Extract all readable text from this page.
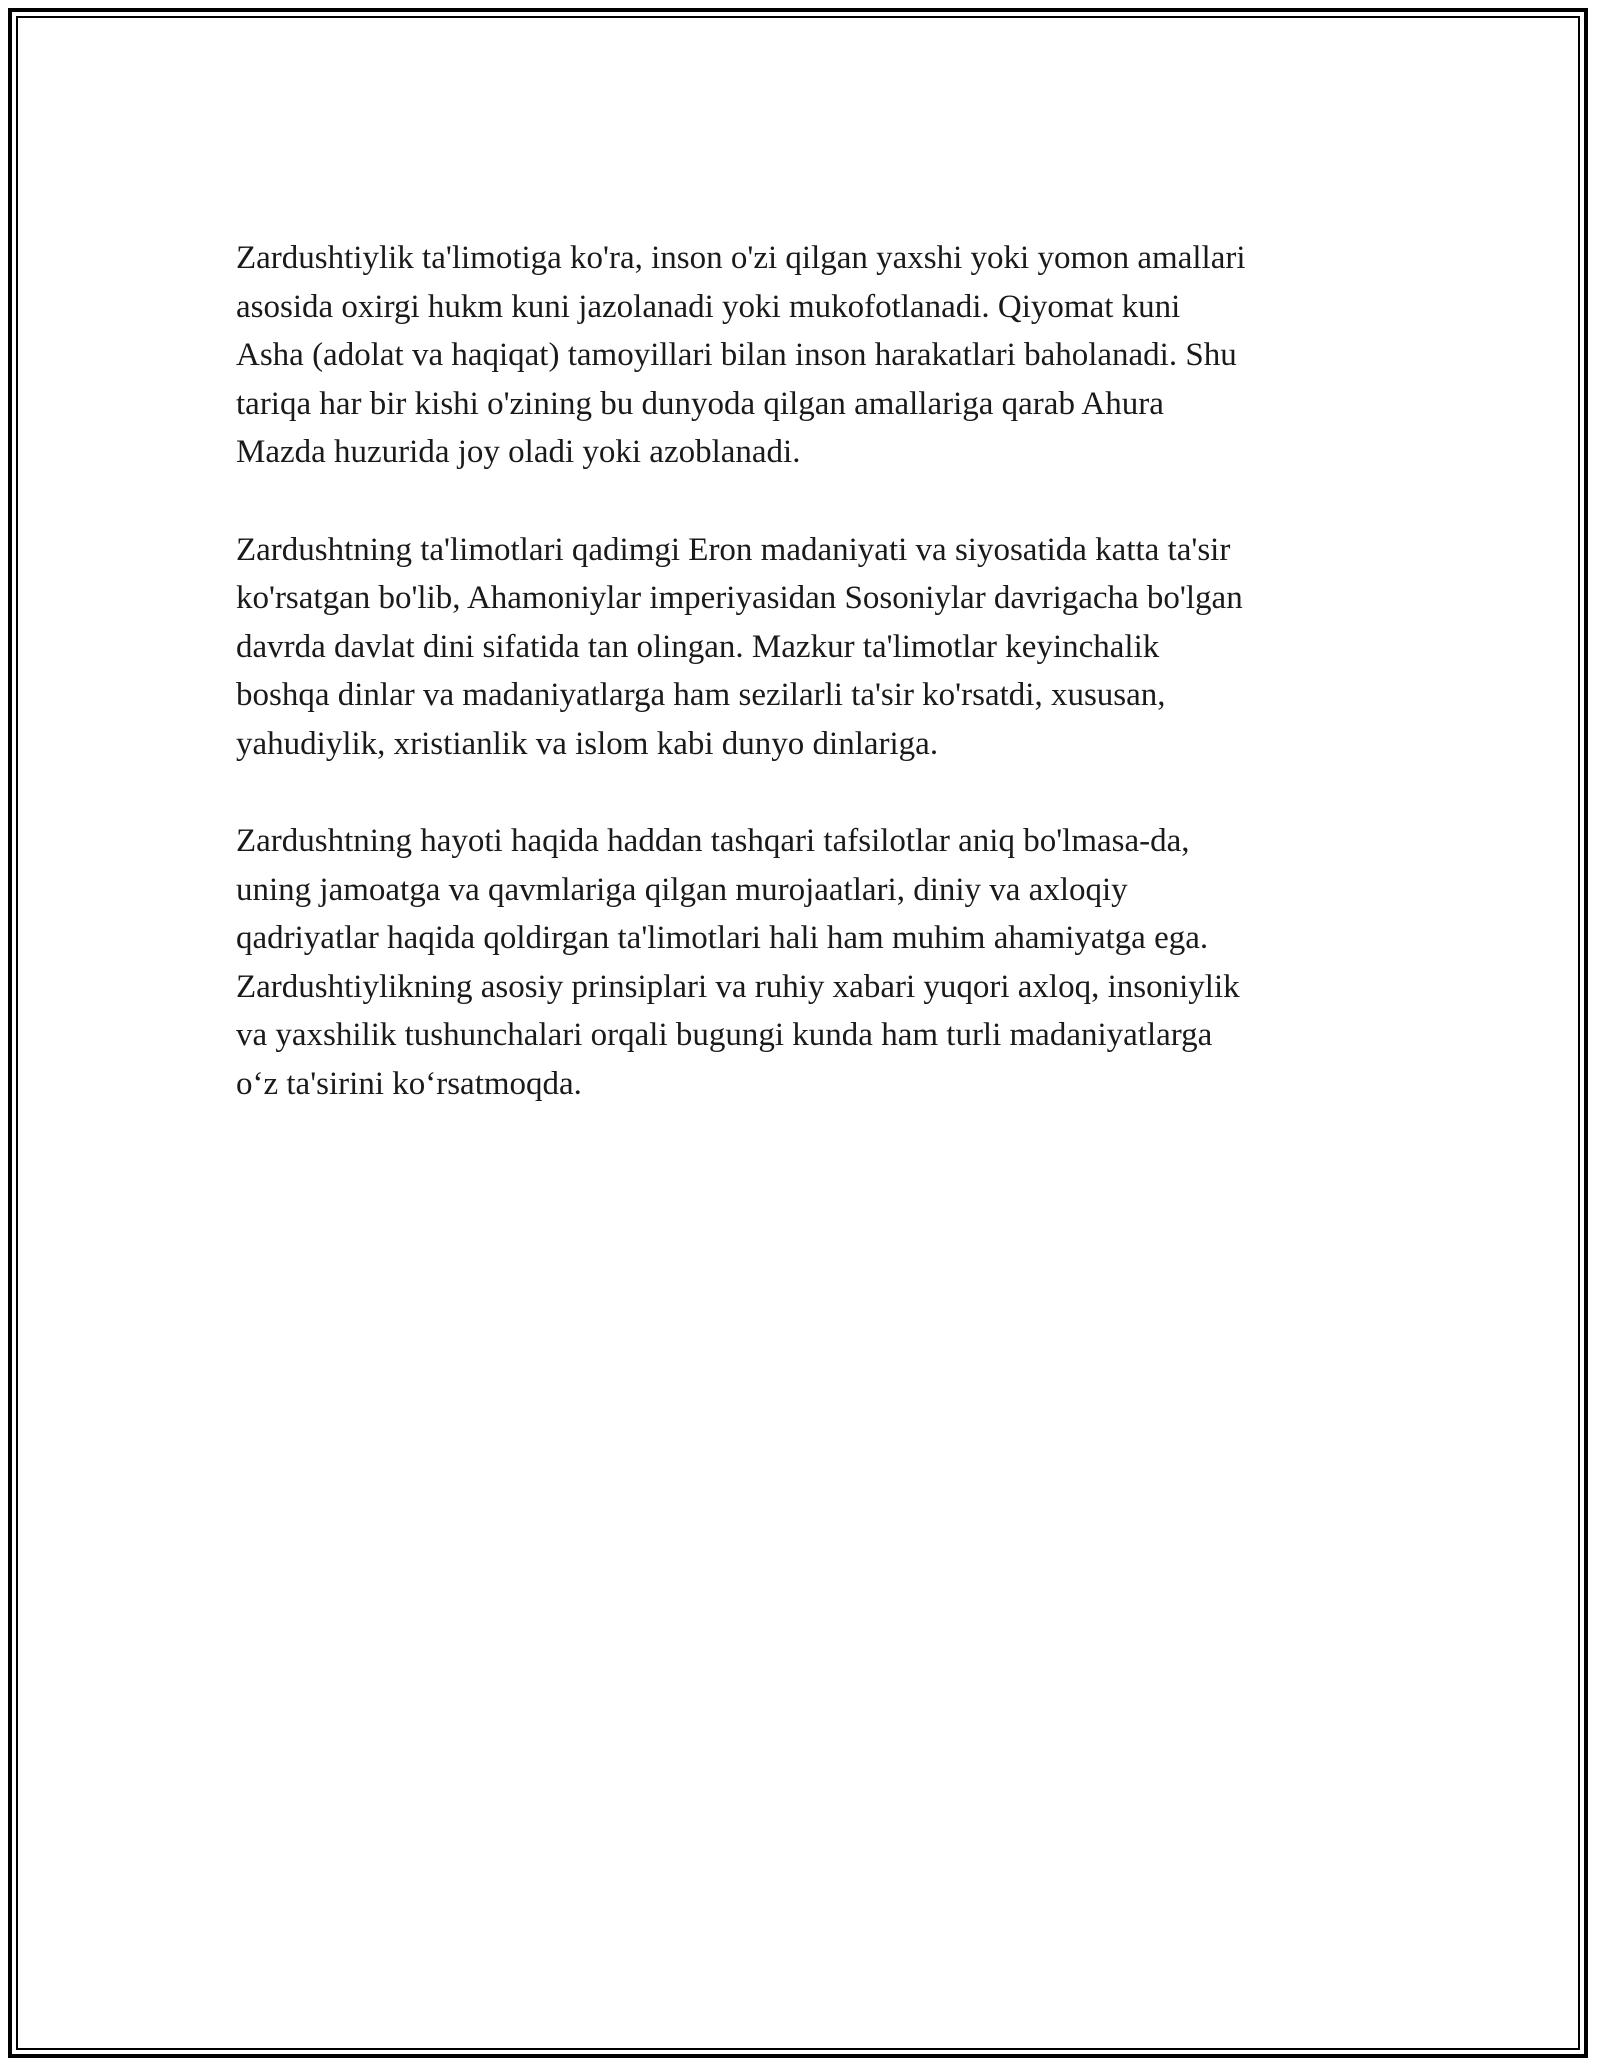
Zardushtiylik ta'limotiga ko'ra, inson o'zi qilgan yaxshi yoki yomon amallari
asosida oxirgi hukm kuni jazolanadi yoki mukofotlanadi. Qiyomat kuni
Asha (adolat va haqiqat) tamoyillari bilan inson harakatlari baholanadi. Shu
tariqa har bir kishi o'zining bu dunyoda qilgan amallariga qarab Ahura
Mazda huzurida joy oladi yoki azoblanadi.

Zardushtning ta'limotlari qadimgi Eron madaniyati va siyosatida katta ta'sir
ko'rsatgan bo'lib, Ahamoniylar imperiyasidan Sosoniylar davrigacha bo'lgan
davrda davlat dini sifatida tan olingan. Mazkur ta'limotlar keyinchalik
boshqa dinlar va madaniyatlarga ham sezilarli ta'sir ko'rsatdi, xususan,
yahudiylik, xristianlik va islom kabi dunyo dinlariga.

Zardushtning hayoti haqida haddan tashqari tafsilotlar aniq bo'lmasa-da,
uning jamoatga va qavmlariga qilgan murojaatlari, diniy va axloqiy
qadriyatlar haqida qoldirgan ta'limotlari hali ham muhim ahamiyatga ega.
Zardushtiylikning asosiy prinsiplari va ruhiy xabari yuqori axloq, insoniylik
va yaxshilik tushunchalari orqali bugungi kunda ham turli madaniyatlarga
oʻz ta'sirini koʻrsatmoqda.
